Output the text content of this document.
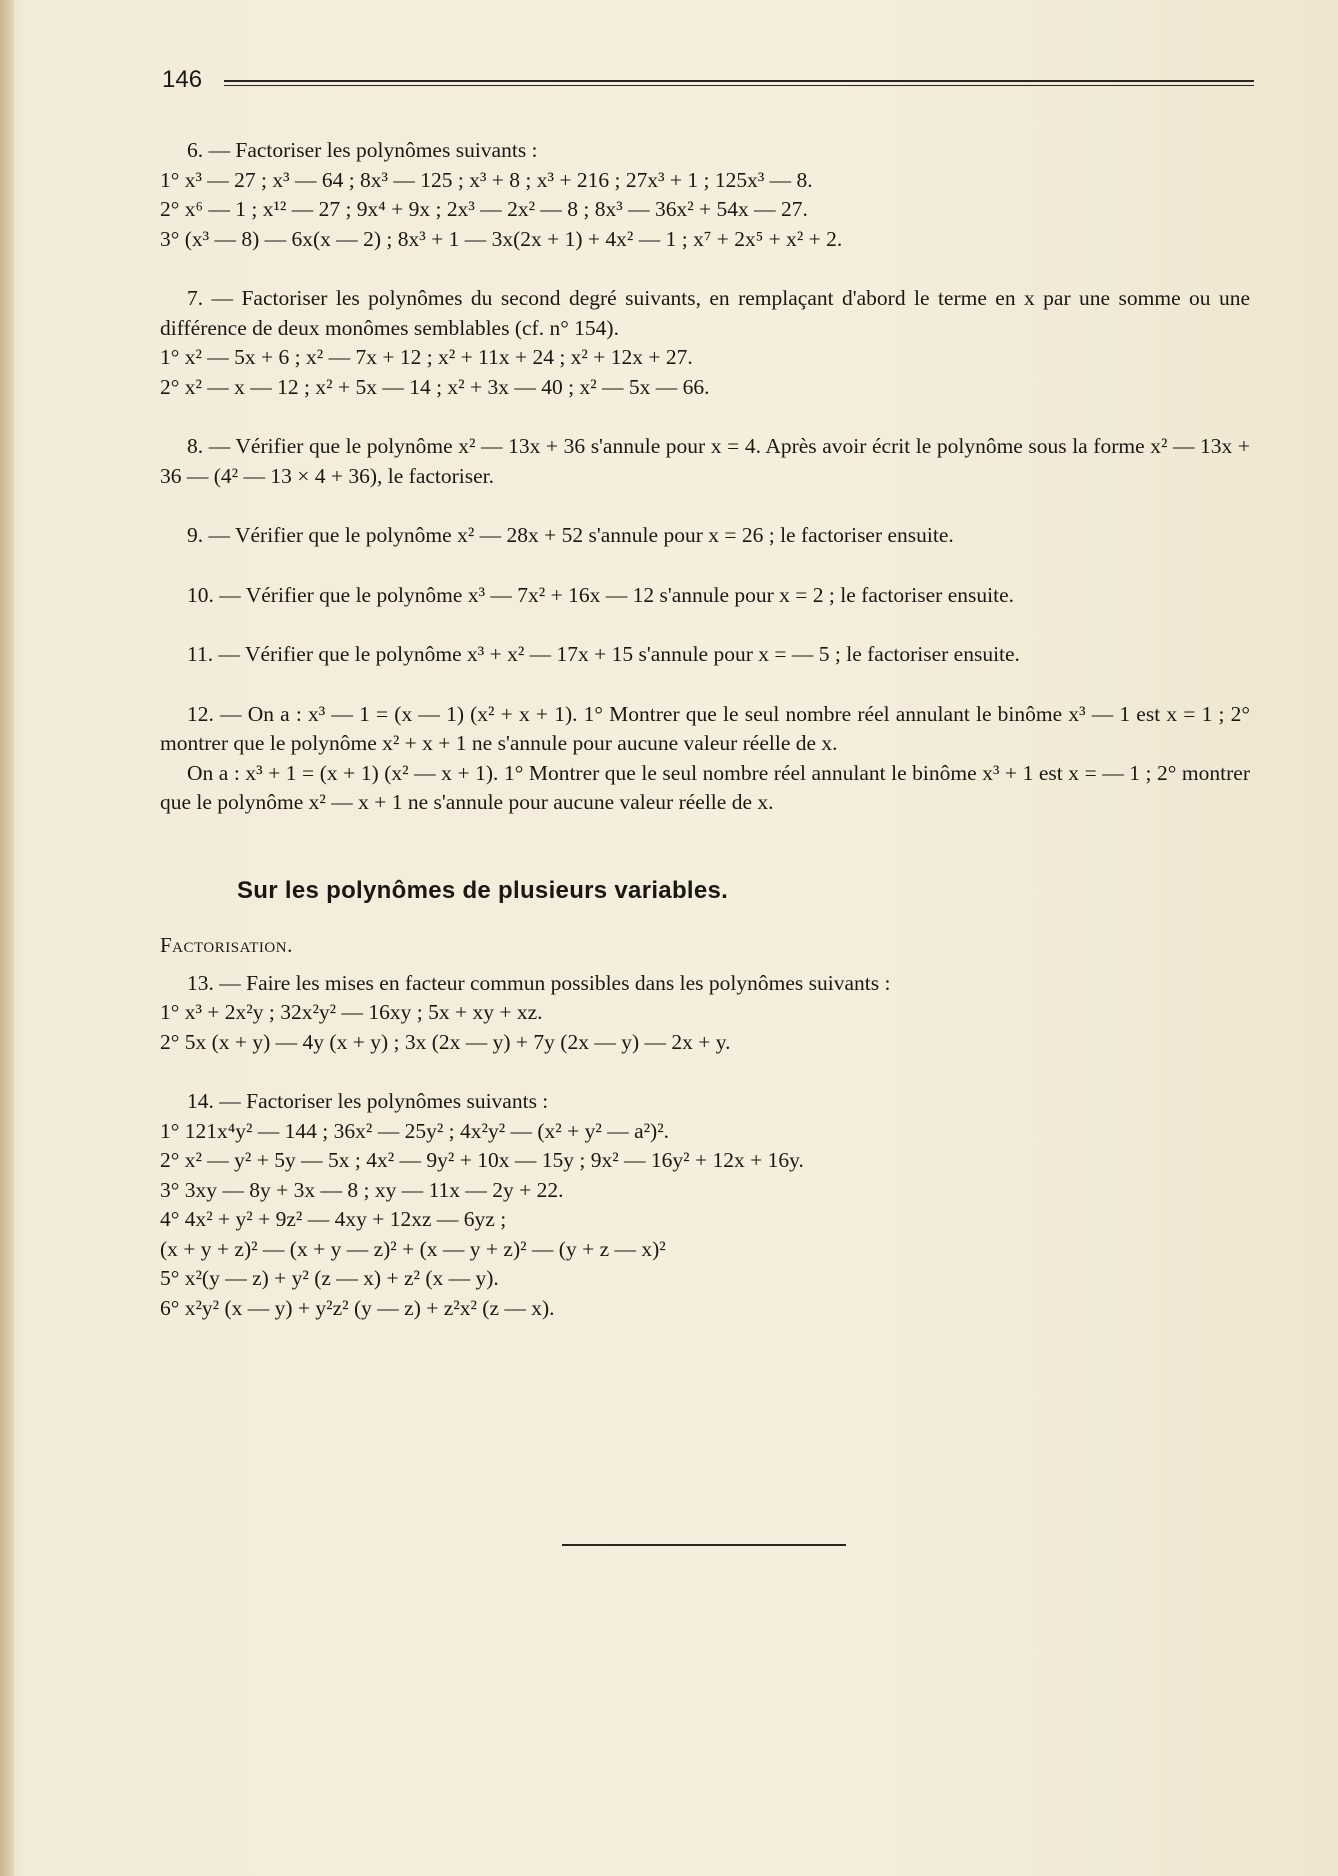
146

6. — Factoriser les polynômes suivants :

1° x³ — 27 ; x³ — 64 ; 8x³ — 125 ; x³ + 8 ; x³ + 216 ; 27x³ + 1 ; 125x³ — 8.

2° x⁶ — 1 ; x¹² — 27 ; 9x⁴ + 9x ; 2x³ — 2x² — 8 ; 8x³ — 36x² + 54x — 27.

3° (x³ — 8) — 6x(x — 2) ; 8x³ + 1 — 3x(2x + 1) + 4x² — 1 ; x⁷ + 2x⁵ + x² + 2.

7. — Factoriser les polynômes du second degré suivants, en remplaçant d'abord le terme en x par une somme ou une différence de deux monômes semblables (cf. n° 154).

1° x² — 5x + 6 ; x² — 7x + 12 ; x² + 11x + 24 ; x² + 12x + 27.

2° x² — x — 12 ; x² + 5x — 14 ; x² + 3x — 40 ; x² — 5x — 66.

8. — Vérifier que le polynôme x² — 13x + 36 s'annule pour x = 4. Après avoir écrit le polynôme sous la forme x² — 13x + 36 — (4² — 13 × 4 + 36), le factoriser.

9. — Vérifier que le polynôme x² — 28x + 52 s'annule pour x = 26 ; le factoriser ensuite.

10. — Vérifier que le polynôme x³ — 7x² + 16x — 12 s'annule pour x = 2 ; le factoriser ensuite.

11. — Vérifier que le polynôme x³ + x² — 17x + 15 s'annule pour x = — 5 ; le factoriser ensuite.

12. — On a : x³ — 1 = (x — 1) (x² + x + 1). 1° Montrer que le seul nombre réel annulant le binôme x³ — 1 est x = 1 ; 2° montrer que le polynôme x² + x + 1 ne s'annule pour aucune valeur réelle de x.

On a : x³ + 1 = (x + 1) (x² — x + 1). 1° Montrer que le seul nombre réel annulant le binôme x³ + 1 est x = — 1 ; 2° montrer que le polynôme x² — x + 1 ne s'annule pour aucune valeur réelle de x.

Sur les polynômes de plusieurs variables.
Factorisation.

13. — Faire les mises en facteur commun possibles dans les polynômes suivants :

1° x³ + 2x²y ; 32x²y² — 16xy ; 5x + xy + xz.

2° 5x (x + y) — 4y (x + y) ; 3x (2x — y) + 7y (2x — y) — 2x + y.

14. — Factoriser les polynômes suivants :

1° 121x⁴y² — 144 ; 36x² — 25y² ; 4x²y² — (x² + y² — a²)².

2° x² — y² + 5y — 5x ; 4x² — 9y² + 10x — 15y ; 9x² — 16y² + 12x + 16y.

3° 3xy — 8y + 3x — 8 ; xy — 11x — 2y + 22.

4° 4x² + y² + 9z² — 4xy + 12xz — 6yz ;

(x + y + z)² — (x + y — z)² + (x — y + z)² — (y + z — x)²

5° x²(y — z) + y² (z — x) + z² (x — y).

6° x²y² (x — y) + y²z² (y — z) + z²x² (z — x).
